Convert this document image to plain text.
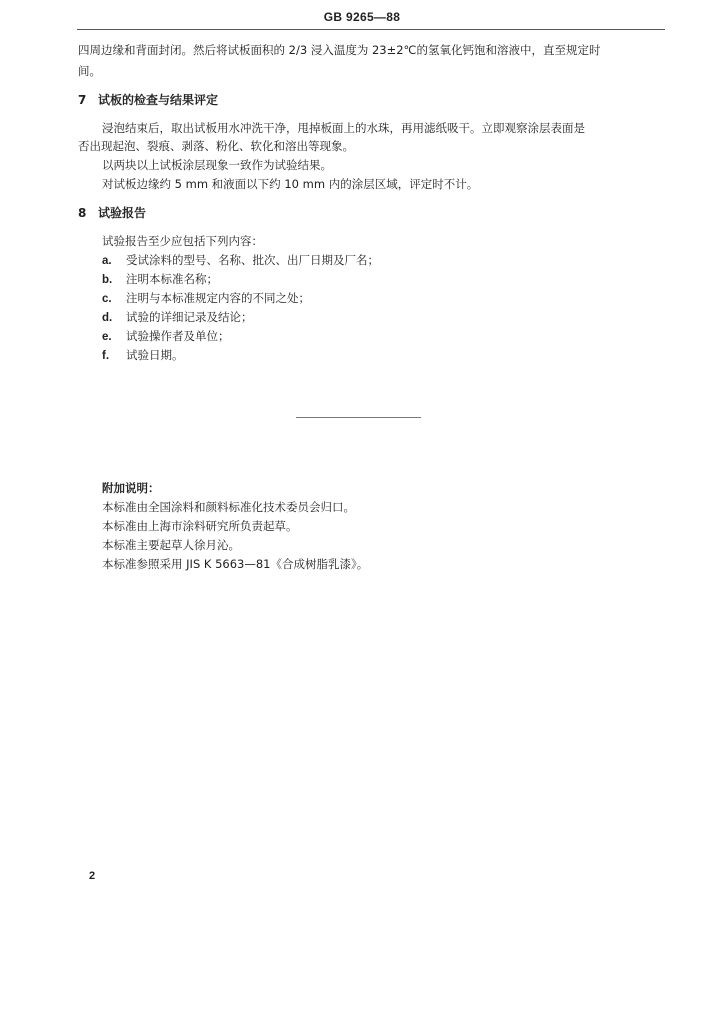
GB 9265—88
四周边缘和背面封闭。然后将试板面积的 2/3 浸入温度为 23±2℃的氢氧化钙饱和溶液中，直至规定时
间。
7 试板的检查与结果评定
浸泡结束后，取出试板用水冲洗干净，甩掉板面上的水珠，再用滤纸吸干。立即观察涂层表面是
否出现起泡、裂痕、剥落、粉化、软化和溶出等现象。
以两块以上试板涂层现象一致作为试验结果。
对试板边缘约 5 mm 和液面以下约 10 mm 内的涂层区域，评定时不计。
8 试验报告
试验报告至少应包括下列内容：
a. 受试涂料的型号、名称、批次、出厂日期及厂名；
b. 注明本标准名称；
c. 注明与本标准规定内容的不同之处；
d. 试验的详细记录及结论；
e. 试验操作者及单位；
f. 试验日期。
附加说明：
本标准由全国涂料和颜料标准化技术委员会归口。
本标准由上海市涂料研究所负责起草。
本标准主要起草人徐月沁。
本标准参照采用 JIS K 5663—81《合成树脂乳漆》。
2
